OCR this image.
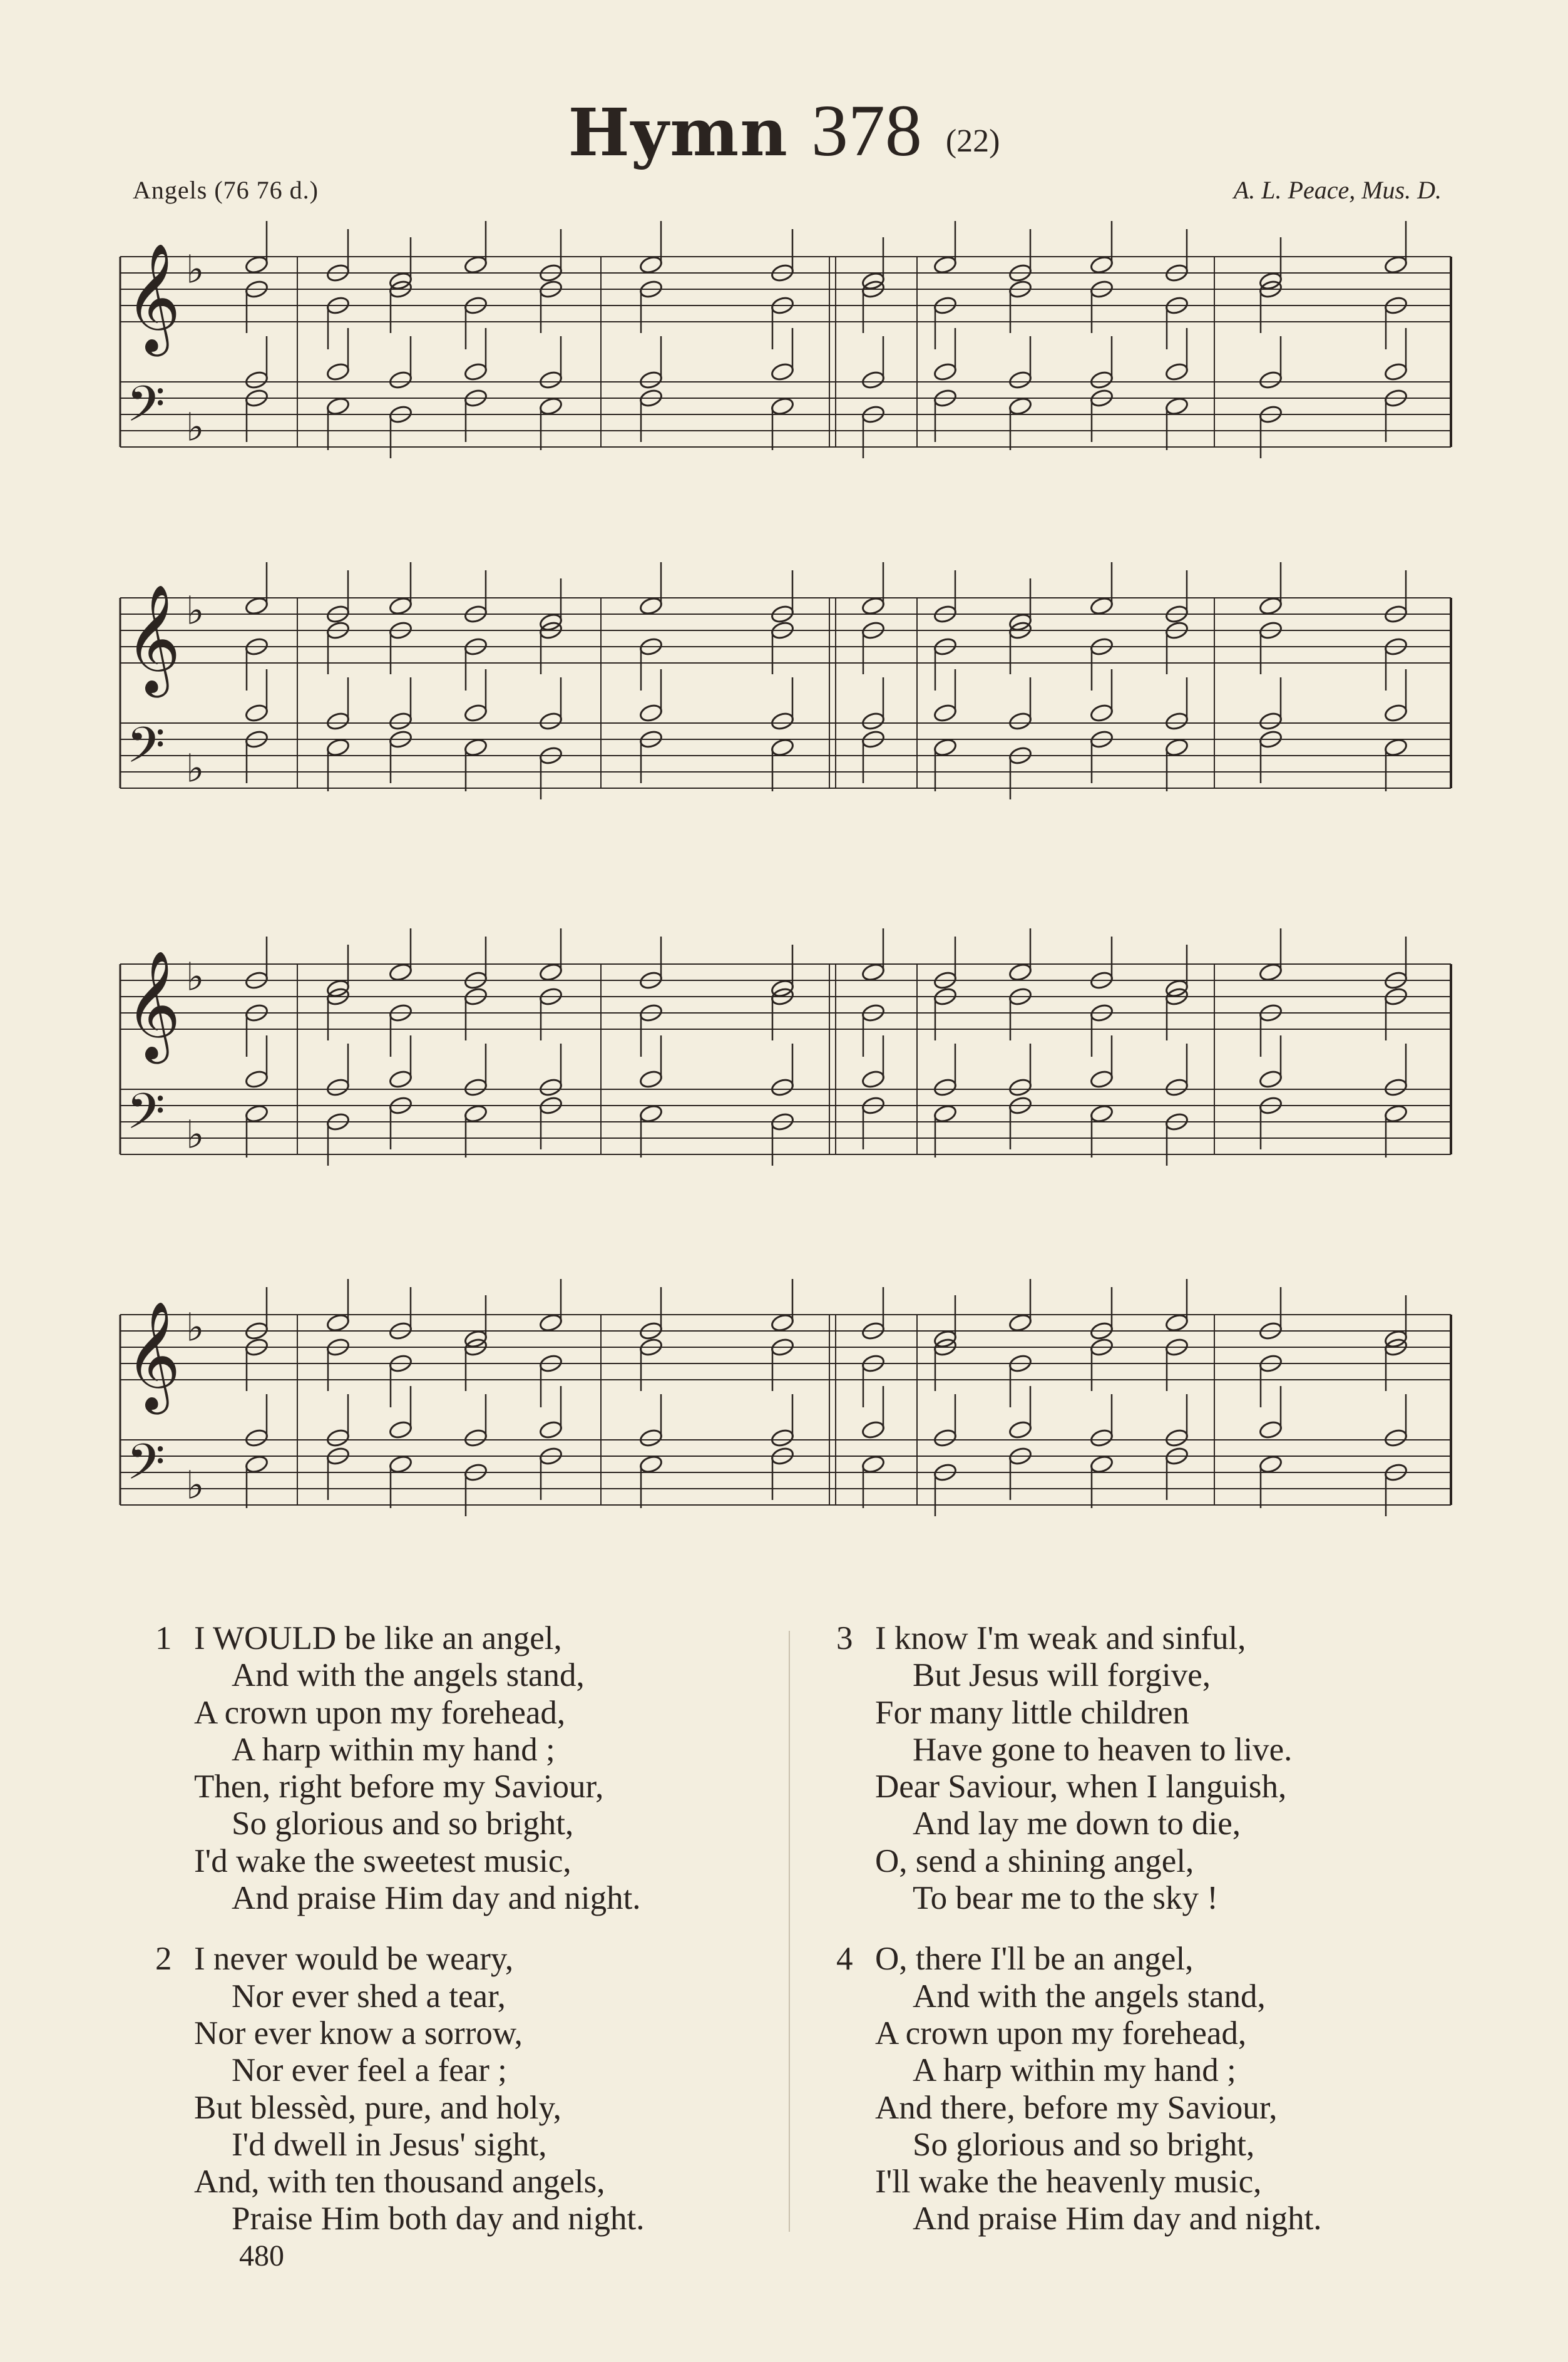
Hymn 378 (22)
Angels (76 76 d.)	A. L. Peace, Mus. D.
𝄞
𝄢
♭
♭
𝄞
𝄢
♭
♭
𝄞
𝄢
♭
♭
𝄞
𝄢
♭
♭
1 I WOULD be like an angel,
And with the angels stand,
A crown upon my forehead,
A harp within my hand ;
Then, right before my Saviour,
So glorious and so bright,
I'd wake the sweetest music,
And praise Him day and night.
2 I never would be weary,
Nor ever shed a tear,
Nor ever know a sorrow,
Nor ever feel a fear ;
But blessèd, pure, and holy,
I'd dwell in Jesus' sight,
And, with ten thousand angels,
Praise Him both day and night.
3 I know I'm weak and sinful,
But Jesus will forgive,
For many little children
Have gone to heaven to live.
Dear Saviour, when I languish,
And lay me down to die,
O, send a shining angel,
To bear me to the sky !
4 O, there I'll be an angel,
And with the angels stand,
A crown upon my forehead,
A harp within my hand ;
And there, before my Saviour,
So glorious and so bright,
I'll wake the heavenly music,
And praise Him day and night.
480
